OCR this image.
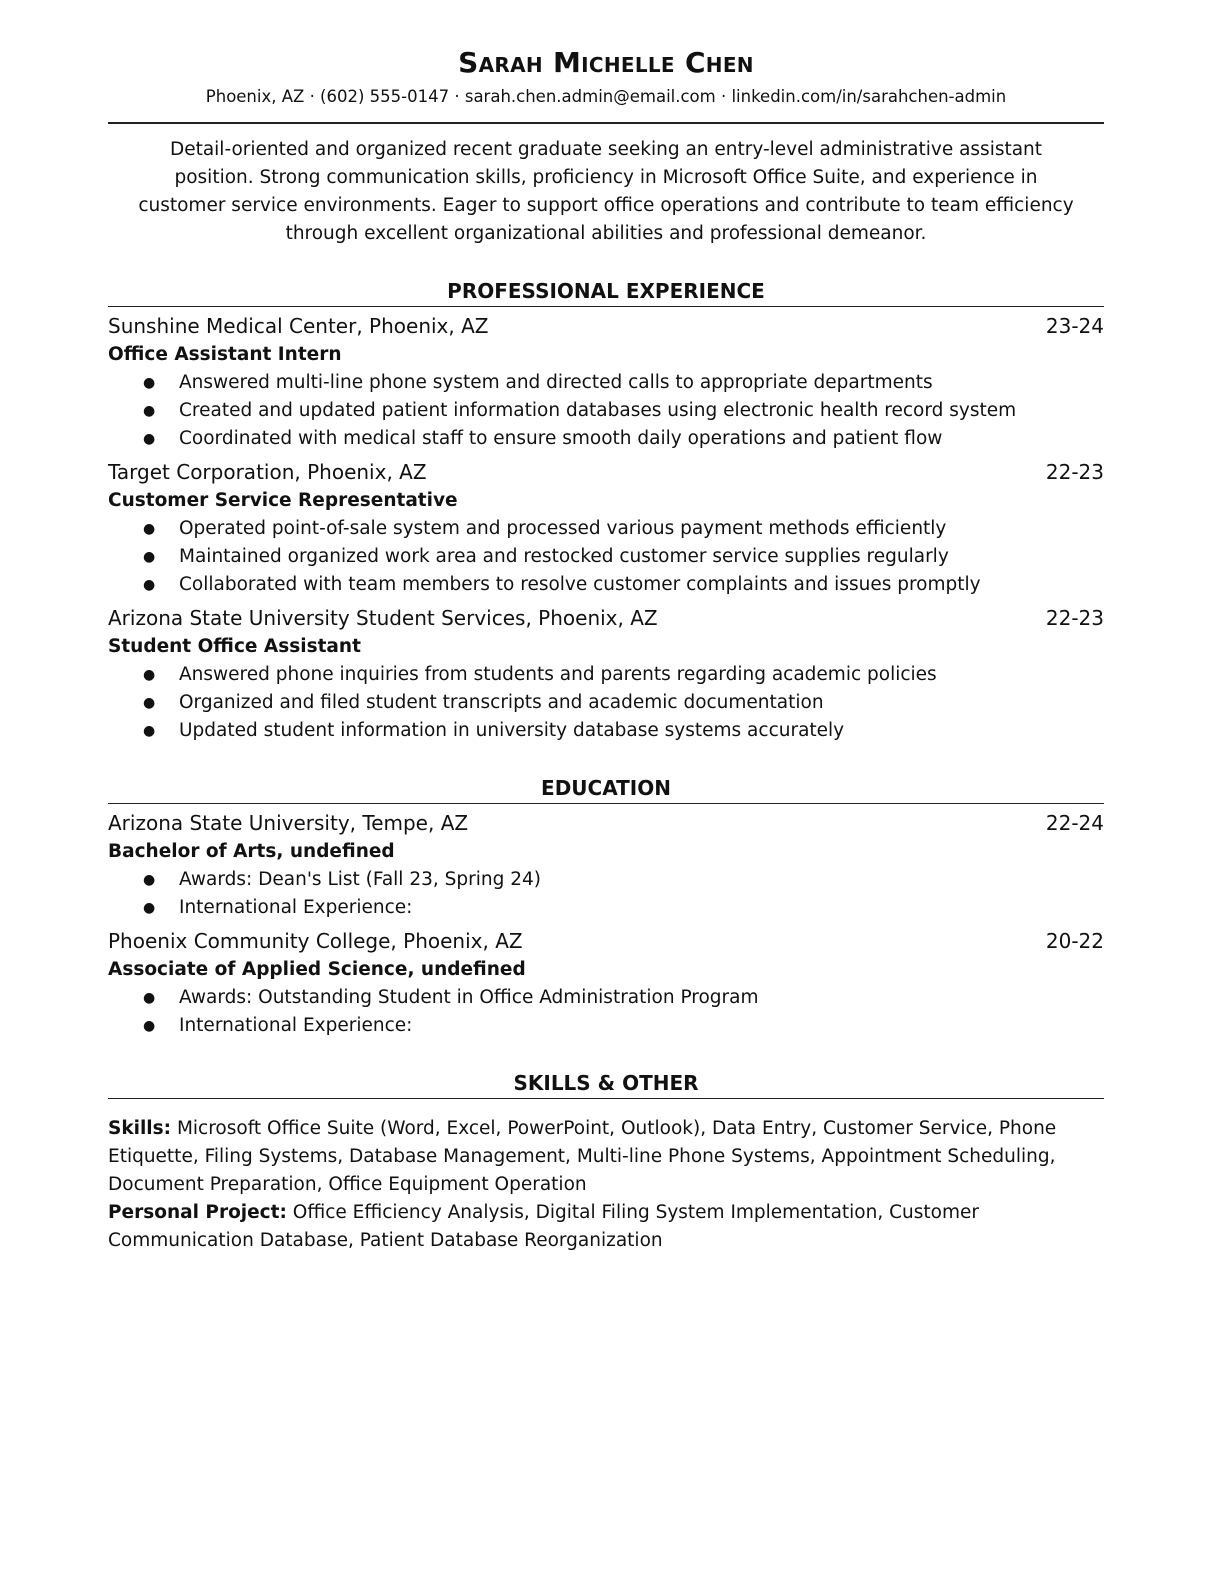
Sarah Michelle Chen
Phoenix, AZ · (602) 555-0147 · sarah.chen.admin@email.com · linkedin.com/in/sarahchen-admin
Detail-oriented and organized recent graduate seeking an entry-level administrative assistant position. Strong communication skills, proficiency in Microsoft Office Suite, and experience in customer service environments. Eager to support office operations and contribute to team efficiency through excellent organizational abilities and professional demeanor.
PROFESSIONAL EXPERIENCE
Sunshine Medical Center, Phoenix, AZ	23-24
Office Assistant Intern
● Answered multi-line phone system and directed calls to appropriate departments
● Created and updated patient information databases using electronic health record system
● Coordinated with medical staff to ensure smooth daily operations and patient flow
Target Corporation, Phoenix, AZ	22-23
Customer Service Representative
● Operated point-of-sale system and processed various payment methods efficiently
● Maintained organized work area and restocked customer service supplies regularly
● Collaborated with team members to resolve customer complaints and issues promptly
Arizona State University Student Services, Phoenix, AZ	22-23
Student Office Assistant
● Answered phone inquiries from students and parents regarding academic policies
● Organized and filed student transcripts and academic documentation
● Updated student information in university database systems accurately
EDUCATION
Arizona State University, Tempe, AZ	22-24
Bachelor of Arts, undefined
● Awards: Dean's List (Fall 23, Spring 24)
● International Experience:
Phoenix Community College, Phoenix, AZ	20-22
Associate of Applied Science, undefined
● Awards: Outstanding Student in Office Administration Program
● International Experience:
SKILLS & OTHER
Skills: Microsoft Office Suite (Word, Excel, PowerPoint, Outlook), Data Entry, Customer Service, Phone Etiquette, Filing Systems, Database Management, Multi-line Phone Systems, Appointment Scheduling, Document Preparation, Office Equipment Operation
Personal Project: Office Efficiency Analysis, Digital Filing System Implementation, Customer Communication Database, Patient Database Reorganization
